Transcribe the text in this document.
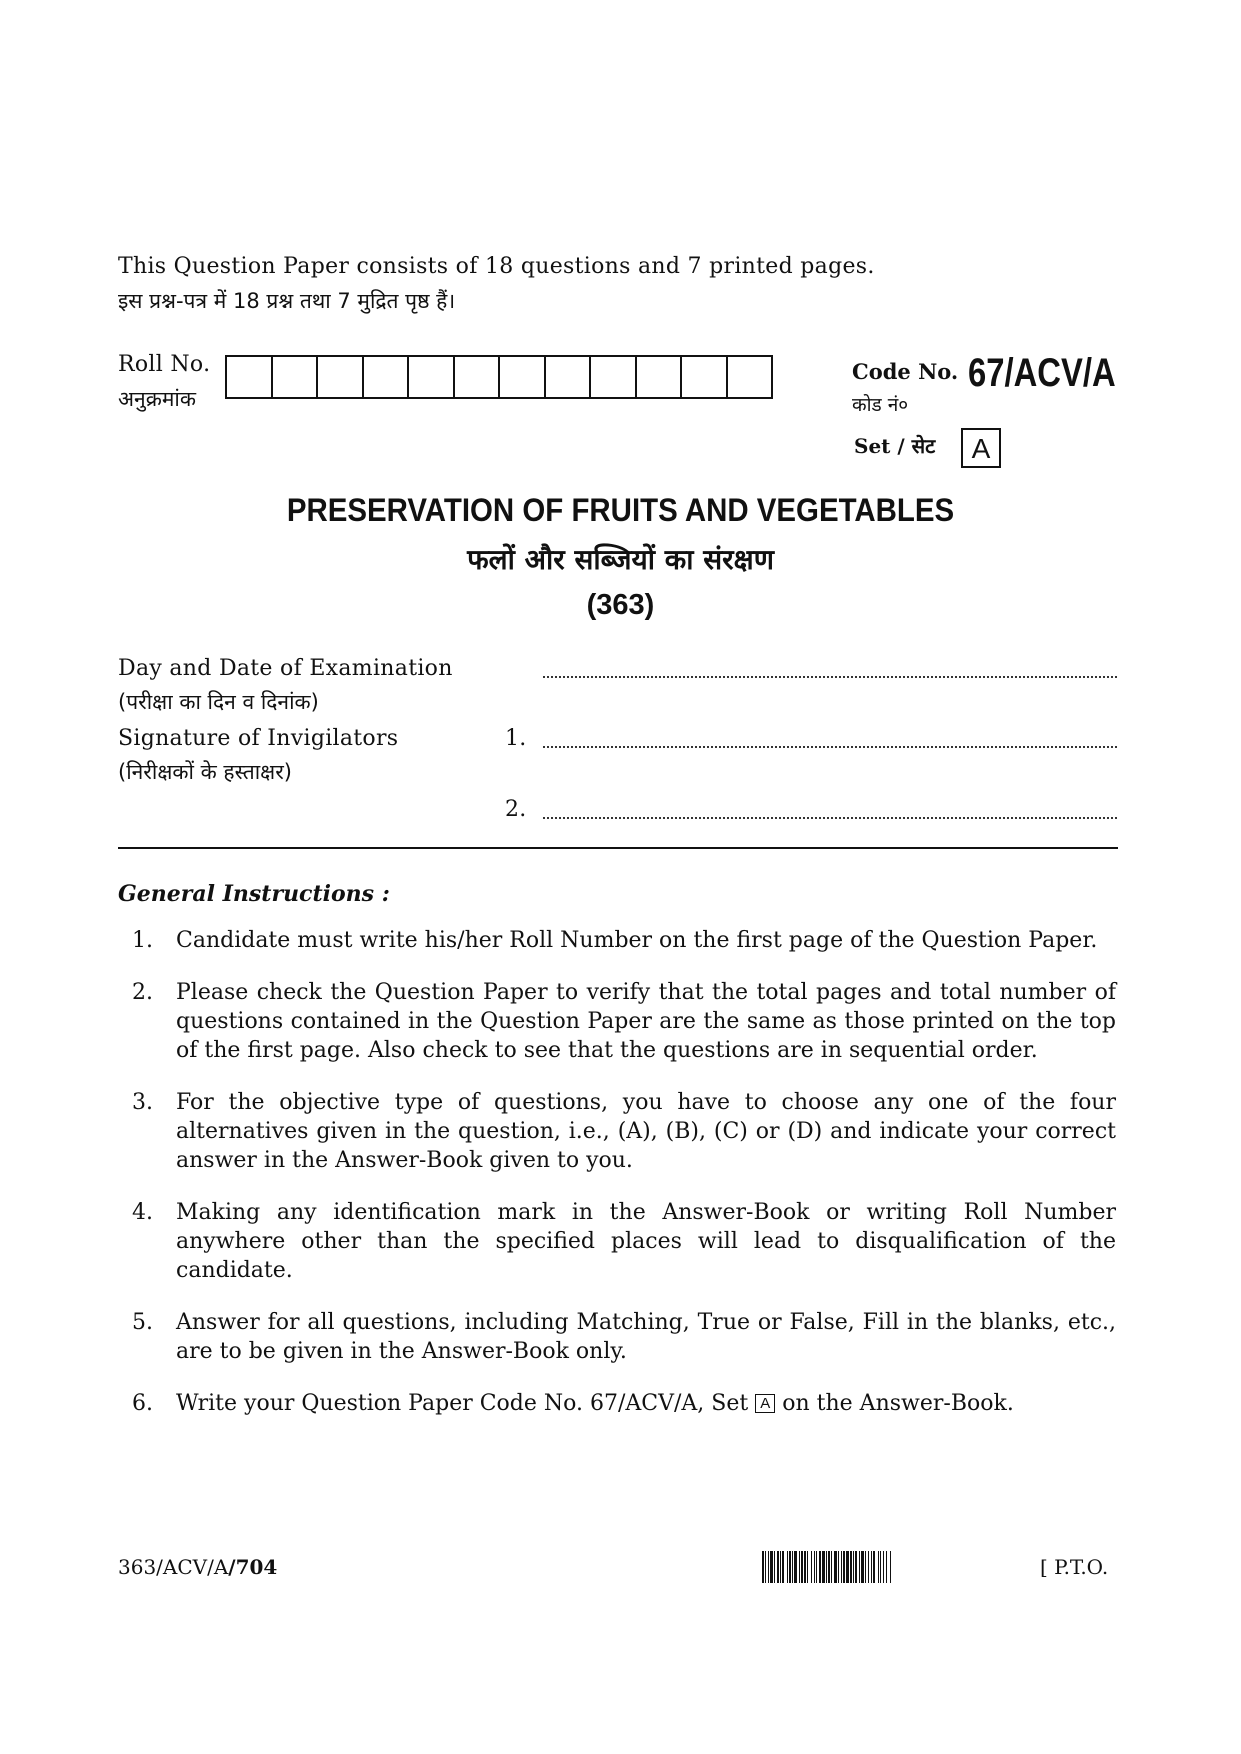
This Question Paper consists of 18 questions and 7 printed pages.
इस प्रश्न-पत्र में 18 प्रश्न तथा 7 मुद्रित पृष्ठ हैं।
Roll No.
अनुक्रमांक
Code No.
कोड नं०
67/ACV/A
Set / सेट	A
PRESERVATION OF FRUITS AND VEGETABLES
फलों और सब्जियों का संरक्षण
(363)
Day and Date of Examination
(परीक्षा का दिन व दिनांक)
Signature of Invigilators
(निरीक्षकों के हस्ताक्षर)
1.
2.
General Instructions :
1.	Candidate must write his/her Roll Number on the first page of the Question Paper.
2.	Please check the Question Paper to verify that the total pages and total number of questions contained in the Question Paper are the same as those printed on the top of the first page. Also check to see that the questions are in sequential order.
3.	For the objective type of questions, you have to choose any one of the four alternatives given in the question, i.e., (A), (B), (C) or (D) and indicate your correct answer in the Answer-Book given to you.
4.	Making any identification mark in the Answer-Book or writing Roll Number anywhere other than the specified places will lead to disqualification of the candidate.
5.	Answer for all questions, including Matching, True or False, Fill in the blanks, etc., are to be given in the Answer-Book only.
6.	Write your Question Paper Code No. 67/ACV/A, Set A on the Answer-Book.
363/ACV/A/704	[ P.T.O.
